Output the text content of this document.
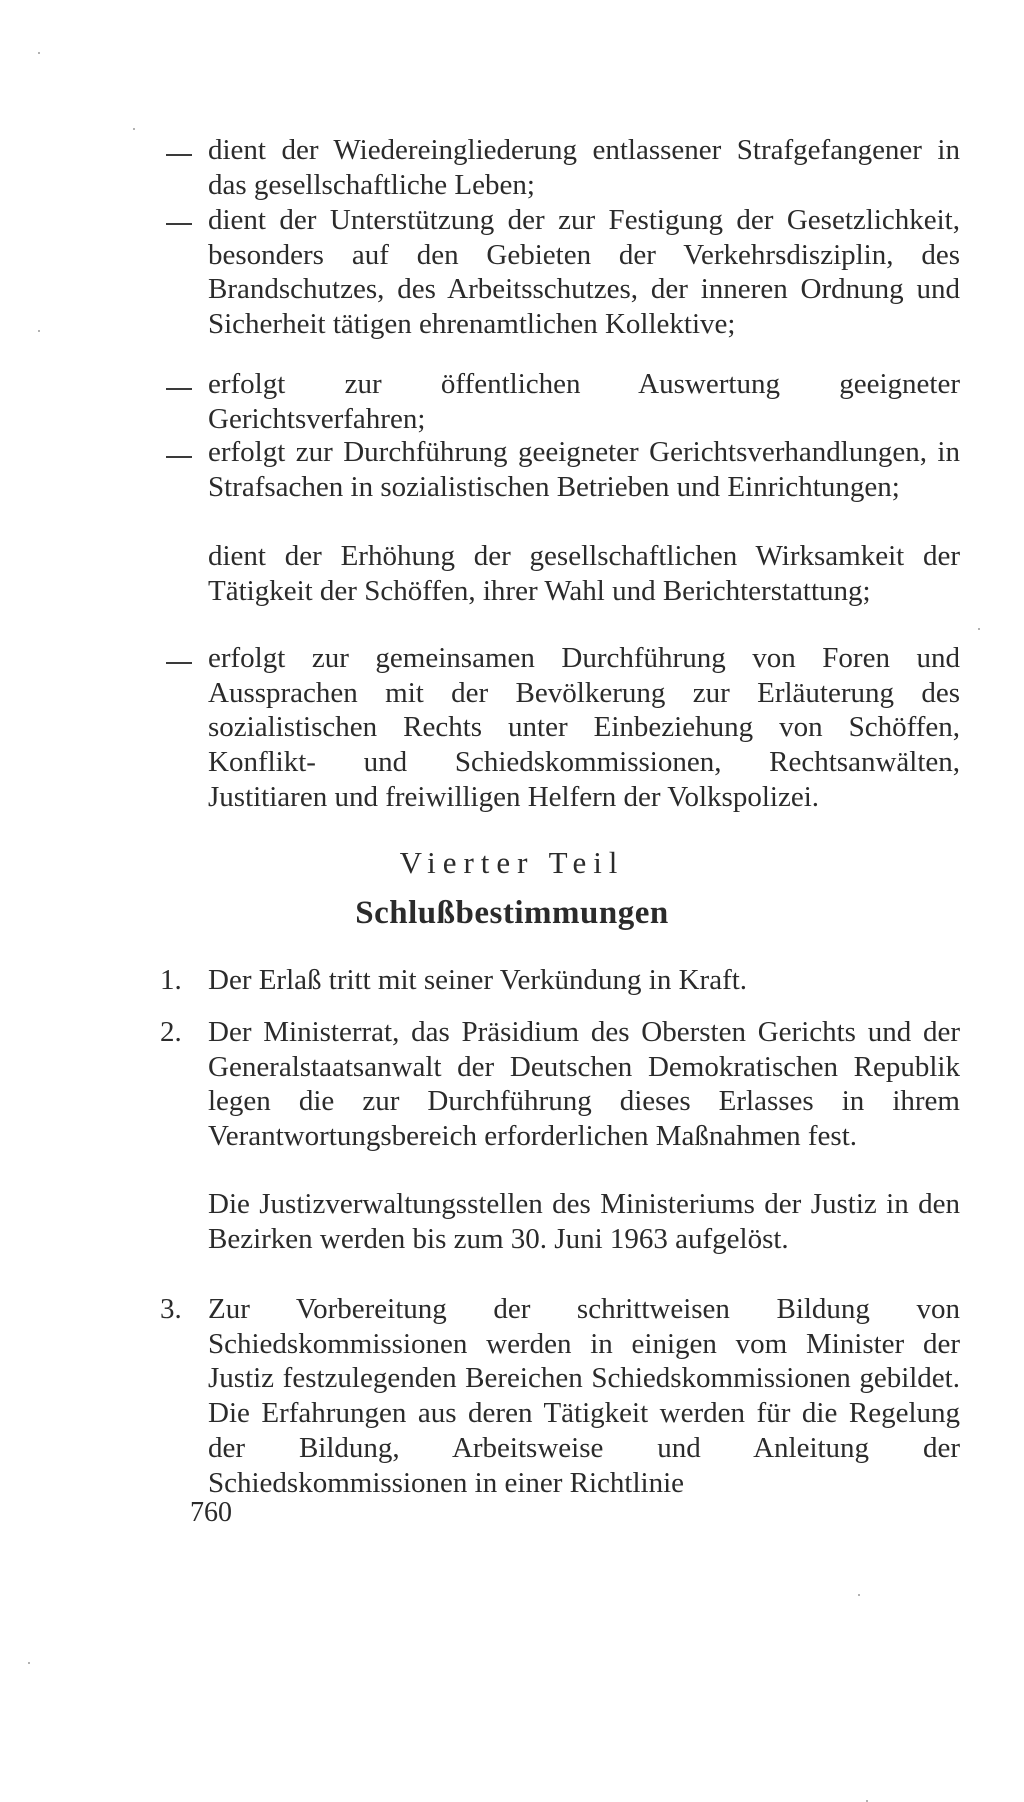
dient der Wiedereingliederung entlassener Strafgefangener in das gesellschaftliche Leben;

dient der Unterstützung der zur Festigung der Gesetzlichkeit, besonders auf den Gebieten der Verkehrsdisziplin, des Brandschutzes, des Arbeitsschutzes, der inneren Ordnung und Sicherheit tätigen ehrenamtlichen Kollektive;

erfolgt zur öffentlichen Auswertung geeigneter Gerichtsverfahren;

erfolgt zur Durchführung geeigneter Gerichtsverhandlungen, in Strafsachen in sozialistischen Betrieben und Einrichtungen;

dient der Erhöhung der gesellschaftlichen Wirksamkeit der Tätigkeit der Schöffen, ihrer Wahl und Berichterstattung;

erfolgt zur gemeinsamen Durchführung von Foren und Aussprachen mit der Bevölkerung zur Erläuterung des sozialistischen Rechts unter Einbeziehung von Schöffen, Konflikt- und Schiedskommissionen, Rechtsanwälten, Justitiaren und freiwilligen Helfern der Volkspolizei.

Vierter Teil
Schlußbestimmungen
1. Der Erlaß tritt mit seiner Verkündung in Kraft.

2. Der Ministerrat, das Präsidium des Obersten Gerichts und der Generalstaatsanwalt der Deutschen Demokratischen Republik legen die zur Durchführung dieses Erlasses in ihrem Verantwortungsbereich erforderlichen Maßnahmen fest.

Die Justizverwaltungsstellen des Ministeriums der Justiz in den Bezirken werden bis zum 30. Juni 1963 aufgelöst.

3. Zur Vorbereitung der schrittweisen Bildung von Schiedskommissionen werden in einigen vom Minister der Justiz festzulegenden Bereichen Schiedskommissionen gebildet. Die Erfahrungen aus deren Tätigkeit werden für die Regelung der Bildung, Arbeitsweise und Anleitung der Schiedskommissionen in einer Richtlinie

760
